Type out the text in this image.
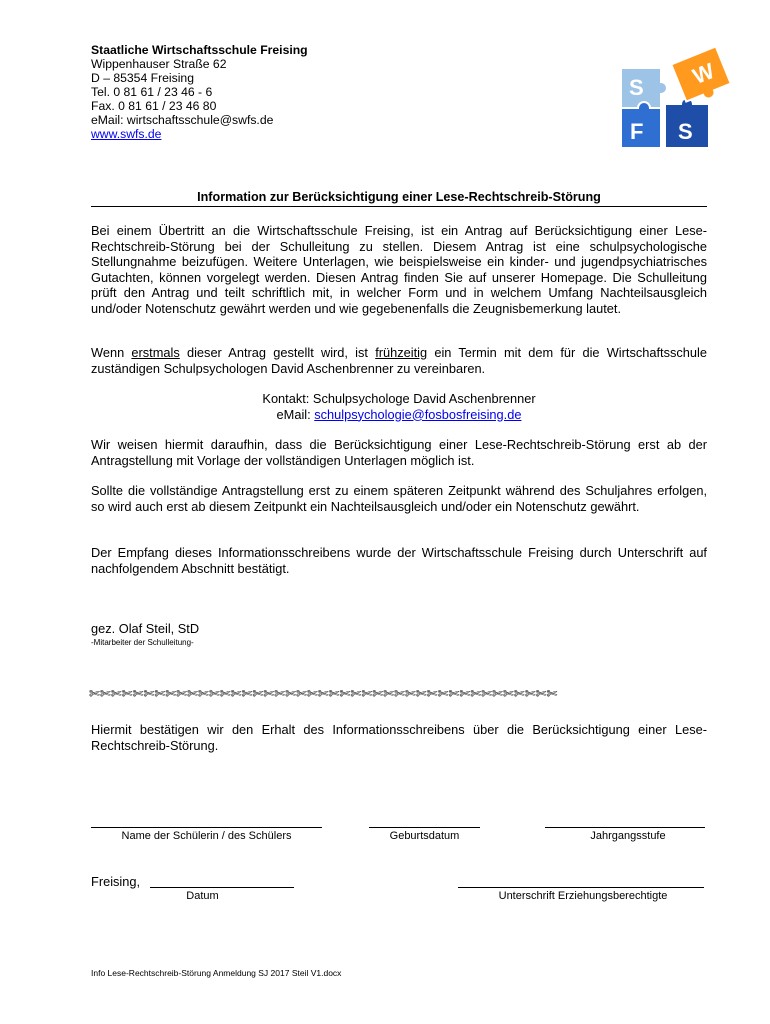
Staatliche Wirtschaftsschule Freising
Wippenhauser Straße 62
D – 85354 Freising
Tel. 0 81 61 / 23 46 - 6
Fax. 0 81 61 / 23 46 80
eMail: wirtschaftsschule@swfs.de
www.swfs.de
S W
F S
Information zur Berücksichtigung einer Lese-Rechtschreib-Störung
Bei einem Übertritt an die Wirtschaftsschule Freising, ist ein Antrag auf Berücksichtigung einer Lese-Rechtschreib-Störung bei der Schulleitung zu stellen. Diesem Antrag ist eine schulpsychologische Stellungnahme beizufügen. Weitere Unterlagen, wie beispielsweise ein kinder- und jugendpsychiatrisches Gutachten, können vorgelegt werden. Diesen Antrag finden Sie auf unserer Homepage. Die Schulleitung prüft den Antrag und teilt schriftlich mit, in welcher Form und in welchem Umfang Nachteilsausgleich und/oder Notenschutz gewährt werden und wie gegebenenfalls die Zeugnisbemerkung lautet.
Wenn erstmals dieser Antrag gestellt wird, ist frühzeitig ein Termin mit dem für die Wirtschaftsschule zuständigen Schulpsychologen David Aschenbrenner zu vereinbaren.
Kontakt: Schulpsychologe David Aschenbrenner
eMail: schulpsychologie@fosbosfreising.de
Wir weisen hiermit daraufhin, dass die Berücksichtigung einer Lese-Rechtschreib-Störung erst ab der Antragstellung mit Vorlage der vollständigen Unterlagen möglich ist.
Sollte die vollständige Antragstellung erst zu einem späteren Zeitpunkt während des Schuljahres erfolgen, so wird auch erst ab diesem Zeitpunkt ein Nachteilsausgleich und/oder ein Notenschutz gewährt.
Der Empfang dieses Informationsschreibens wurde der Wirtschaftsschule Freising durch Unterschrift auf nachfolgendem Abschnitt bestätigt.
gez. Olaf Steil, StD
-Mitarbeiter der Schulleitung-
✄✄✄✄✄✄✄✄✄✄✄✄✄✄✄✄✄✄✄✄✄✄✄✄✄✄✄✄✄✄✄✄✄✄✄✄✄✄✄✄✄✄✄
Hiermit bestätigen wir den Erhalt des Informationsschreibens über die Berücksichtigung einer Lese-Rechtschreib-Störung.
Name der Schülerin / des Schülers	Geburtsdatum	Jahrgangsstufe
Freising,
Datum	Unterschrift Erziehungsberechtigte
Info Lese-Rechtschreib-Störung Anmeldung SJ 2017 Steil V1.docx
